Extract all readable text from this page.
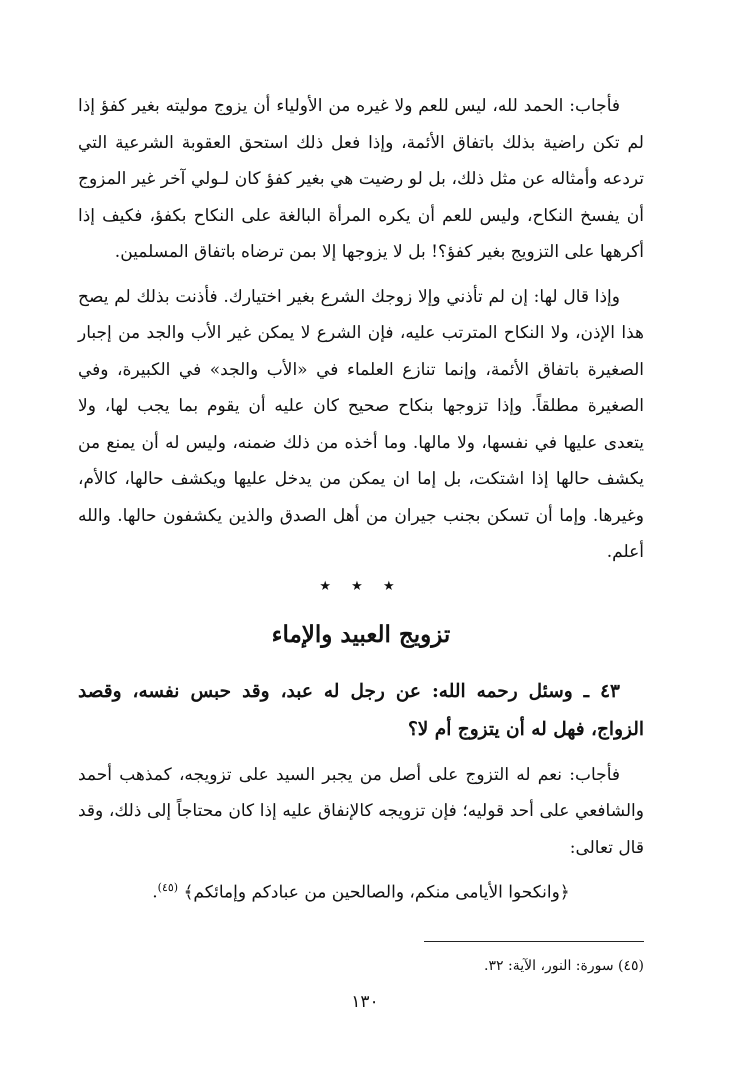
فأجاب: الحمد لله، ليس للعم ولا غيره من الأولياء أن يزوج موليته بغير كفؤ إذا لم تكن راضية بذلك باتفاق الأئمة، وإذا فعل ذلك استحق العقوبة الشرعية التي تردعه وأمثاله عن مثل ذلك، بل لو رضيت هي بغير كفؤ كان لـولي آخر غير المزوج أن يفسخ النكاح، وليس للعم أن يكره المرأة البالغة على النكاح بكفؤ، فكيف إذا أكرهها على التزويج بغير كفؤ؟! بل لا يزوجها إلا بمن ترضاه باتفاق المسلمين.

وإذا قال لها: إن لم تأذني وإلا زوجك الشرع بغير اختيارك. فأذنت بذلك لم يصح هذا الإذن، ولا النكاح المترتب عليه، فإن الشرع لا يمكن غير الأب والجد من إجبار الصغيرة باتفاق الأئمة، وإنما تنازع العلماء في «الأب والجد» في الكبيرة، وفي الصغيرة مطلقاً. وإذا تزوجها بنكاح صحيح كان عليه أن يقوم بما يجب لها، ولا يتعدى عليها في نفسها، ولا مالها. وما أخذه من ذلك ضمنه، وليس له أن يمنع من يكشف حالها إذا اشتكت، بل إما ان يمكن من يدخل عليها ويكشف حالها، كالأم، وغيرها. وإما أن تسكن بجنب جيران من أهل الصدق والذين يكشفون حالها. والله أعلم.

★ ★ ★
تزويج العبيد والإماء

٤٣ ـ وسئل رحمه الله: عن رجل له عبد، وقد حبس نفسه، وقصد الزواج، فهل له أن يتزوج أم لا؟

فأجاب: نعم له التزوج على أصل من يجبر السيد على تزويجه، كمذهب أحمد والشافعي على أحد قوليه؛ فإن تزويجه كالإنفاق عليه إذا كان محتاجاً إلى ذلك، وقد قال تعالى:

﴿وانكحوا الأيامى منكم، والصالحين من عبادكم وإمائكم﴾ $^{(٤٥)}$.
(٤٥) سورة: النور، الآية: ٣٢.
١٣٠
